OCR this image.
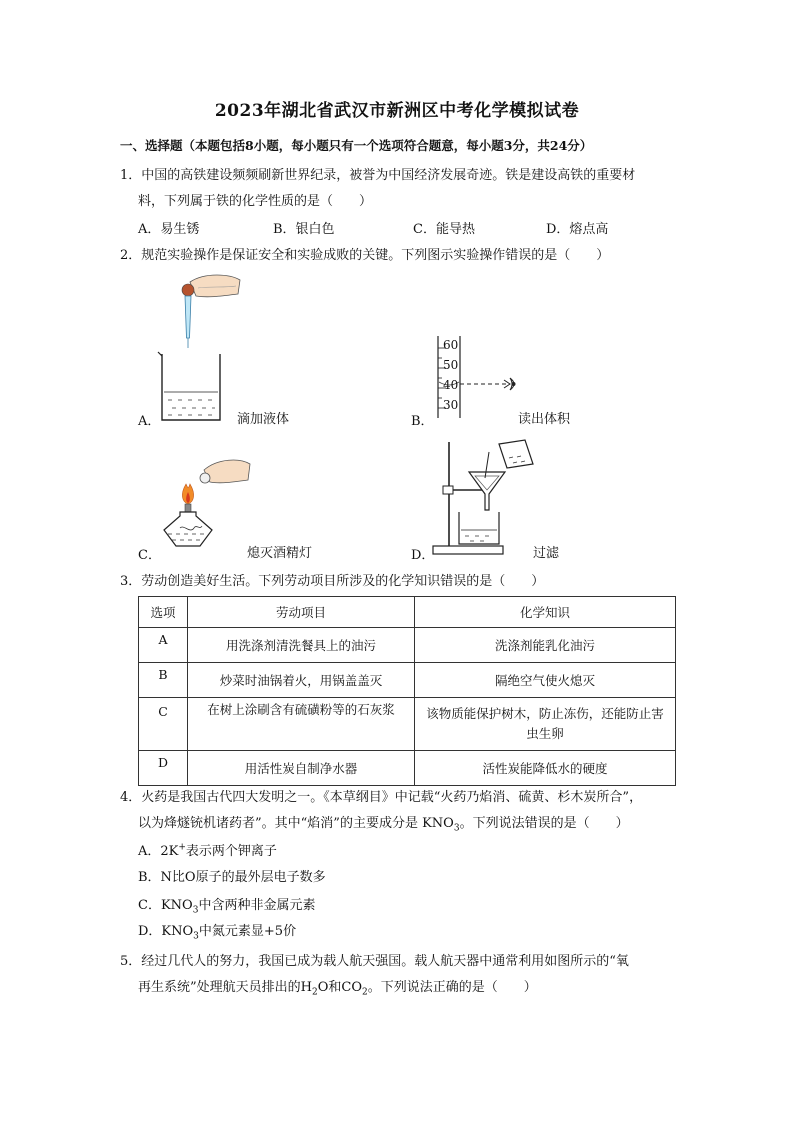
2023年湖北省武汉市新洲区中考化学模拟试卷
一、选择题（本题包括8小题，每小题只有一个选项符合题意，每小题3分，共24分）
1．中国的高铁建设频频刷新世界纪录，被誉为中国经济发展奇迹。铁是建设高铁的重要材
料，下列属于铁的化学性质的是（　　）
A．易生锈	B．银白色	C．能导热	D．熔点高
2．规范实验操作是保证安全和实验成败的关键。下列图示实验操作错误的是（　　）
A．	滴加液体
60
50
40
30
B．	读出体积
C．	熄灭酒精灯	D．	过滤
3．劳动创造美好生活。下列劳动项目所涉及的化学知识错误的是（　　）
选项	劳动项目	化学知识
A	用洗涤剂清洗餐具上的油污	洗涤剂能乳化油污
B	炒菜时油锅着火，用锅盖盖灭	隔绝空气使火熄灭
C	在树上涂刷含有硫磺粉等的石灰浆	该物质能保护树木，防止冻伤，还能防止害
虫生卵

D	用活性炭自制净水器	活性炭能降低水的硬度
4．火药是我国古代四大发明之一。《本草纲目》中记载“火药乃焰消、硫黄、杉木炭所合”，
以为烽燧铳机诸药者”。其中“焰消”的主要成分是 $KNO_3$。下列说法错误的是（　　）
A．2K+表示两个钾离子
B．N比O原子的最外层电子数多
C．$KNO_3$中含两种非金属元素
D．$KNO_3$中氮元素显+5价
5．经过几代人的努力，我国已成为载人航天强国。载人航天器中通常利用如图所示的“氧
再生系统”处理航天员排出的$H_2O$和$CO_2$。下列说法正确的是（　　）
